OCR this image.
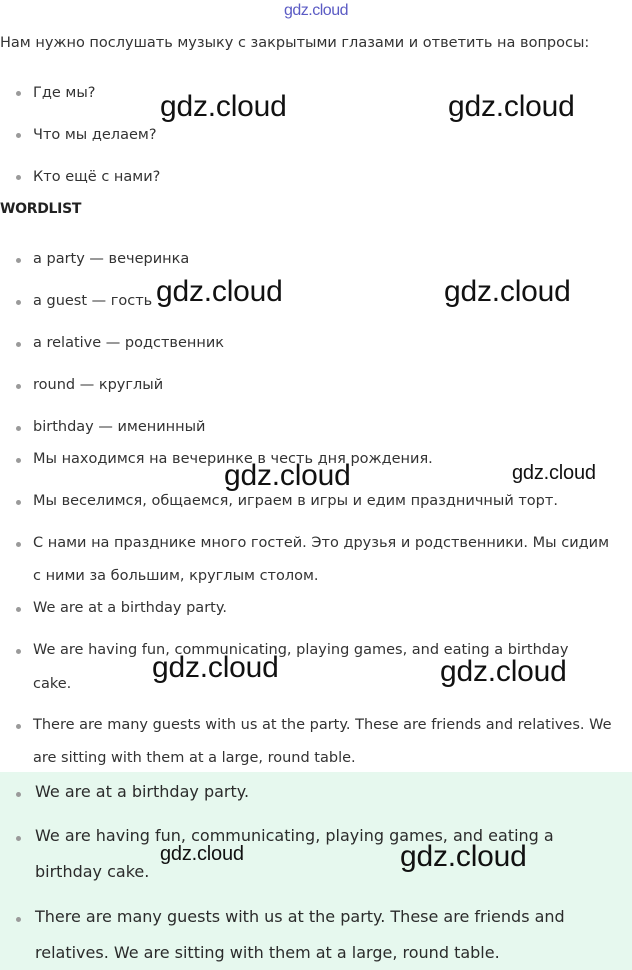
gdz.cloud
Нам нужно послушать музыку с закрытыми глазами и ответить на вопросы:
Где мы?
Что мы делаем?
Кто ещё с нами?
WORDLIST
a party — вечеринка
a guest — гость
a relative — родственник
round — круглый
birthday — именинный
Мы находимся на вечеринке в честь дня рождения.
Мы веселимся, общаемся, играем в игры и едим праздничный торт.
С нами на празднике много гостей. Это друзья и родственники. Мы сидим
с ними за большим, круглым столом.
We are at a birthday party.
We are having fun, communicating, playing games, and eating a birthday
cake.
There are many guests with us at the party. These are friends and relatives. We
are sitting with them at a large, round table.
We are at a birthday party.
We are having fun, communicating, playing games, and eating a
birthday cake.
There are many guests with us at the party. These are friends and
relatives. We are sitting with them at a large, round table.
gdz.cloud	gdz.cloud
gdz.cloud	gdz.cloud
gdz.cloud	gdz.cloud
gdz.cloud	gdz.cloud
gdz.cloud	gdz.cloud
